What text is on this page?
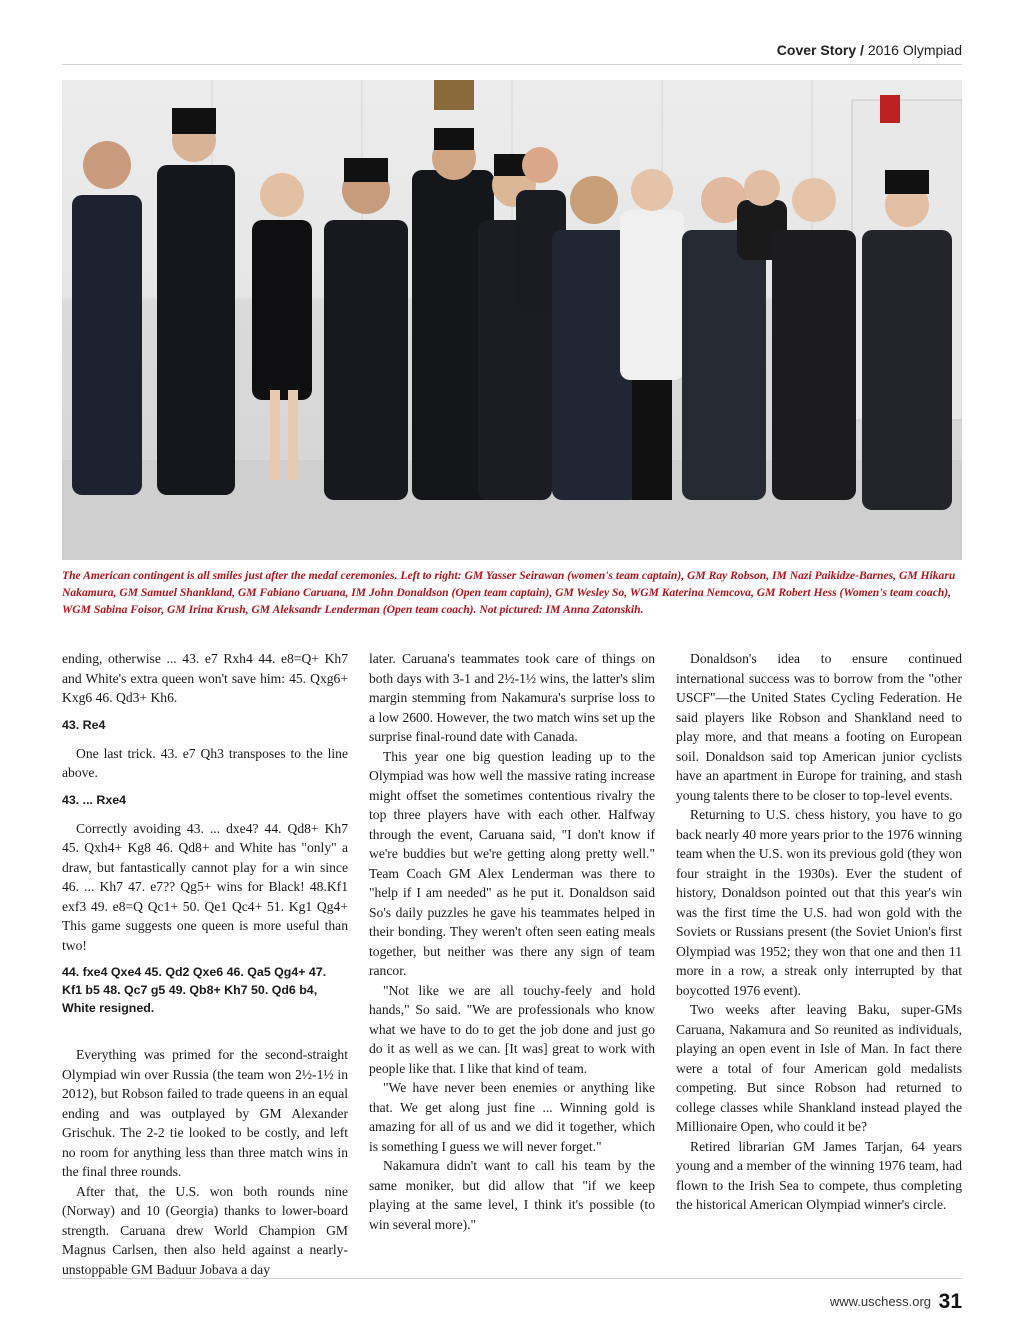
Cover Story / 2016 Olympiad
The American contingent is all smiles just after the medal ceremonies. Left to right: GM Yasser Seirawan (women's team captain), GM Ray Robson, IM Nazi Paikidze-Barnes, GM Hikaru Nakamura, GM Samuel Shankland, GM Fabiano Caruana, IM John Donaldson (Open team captain), GM Wesley So, WGM Katerina Nemcova, GM Robert Hess (Women's team coach), WGM Sabina Foisor, GM Irina Krush, GM Aleksandr Lenderman (Open team coach). Not pictured: IM Anna Zatonskih.

ending, otherwise ... 43. e7 Rxh4 44. e8=Q+ Kh7 and White's extra queen won't save him: 45. Qxg6+ Kxg6 46. Qd3+ Kh6.

43. Re4

One last trick. 43. e7 Qh3 transposes to the line above.

43. ... Rxe4

Correctly avoiding 43. ... dxe4? 44. Qd8+ Kh7 45. Qxh4+ Kg8 46. Qd8+ and White has "only" a draw, but fantastically cannot play for a win since 46. ... Kh7 47. e7?? Qg5+ wins for Black! 48.Kf1 exf3 49. e8=Q Qc1+ 50. Qe1 Qc4+ 51. Kg1 Qg4+ This game suggests one queen is more useful than two!

44. fxe4 Qxe4 45. Qd2 Qxe6 46. Qa5 Qg4+ 47. Kf1 b5 48. Qc7 g5 49. Qb8+ Kh7 50. Qd6 b4, White resigned.

Everything was primed for the second-straight Olympiad win over Russia (the team won 2½-1½ in 2012), but Robson failed to trade queens in an equal ending and was outplayed by GM Alexander Grischuk. The 2-2 tie looked to be costly, and left no room for anything less than three match wins in the final three rounds.

After that, the U.S. won both rounds nine (Norway) and 10 (Georgia) thanks to lower-board strength. Caruana drew World Champion GM Magnus Carlsen, then also held against a nearly-unstoppable GM Baduur Jobava a day

later. Caruana's teammates took care of things on both days with 3-1 and 2½-1½ wins, the latter's slim margin stemming from Nakamura's surprise loss to a low 2600. However, the two match wins set up the surprise final-round date with Canada.

This year one big question leading up to the Olympiad was how well the massive rating increase might offset the sometimes contentious rivalry the top three players have with each other. Halfway through the event, Caruana said, "I don't know if we're buddies but we're getting along pretty well." Team Coach GM Alex Lenderman was there to "help if I am needed" as he put it. Donaldson said So's daily puzzles he gave his teammates helped in their bonding. They weren't often seen eating meals together, but neither was there any sign of team rancor.

"Not like we are all touchy-feely and hold hands," So said. "We are professionals who know what we have to do to get the job done and just go do it as well as we can. [It was] great to work with people like that. I like that kind of team.

"We have never been enemies or anything like that. We get along just fine ... Winning gold is amazing for all of us and we did it together, which is something I guess we will never forget."

Nakamura didn't want to call his team by the same moniker, but did allow that "if we keep playing at the same level, I think it's possible (to win several more)."

Donaldson's idea to ensure continued international success was to borrow from the "other USCF"—the United States Cycling Federation. He said players like Robson and Shankland need to play more, and that means a footing on European soil. Donaldson said top American junior cyclists have an apartment in Europe for training, and stash young talents there to be closer to top-level events.

Returning to U.S. chess history, you have to go back nearly 40 more years prior to the 1976 winning team when the U.S. won its previous gold (they won four straight in the 1930s). Ever the student of history, Donaldson pointed out that this year's win was the first time the U.S. had won gold with the Soviets or Russians present (the Soviet Union's first Olympiad was 1952; they won that one and then 11 more in a row, a streak only interrupted by that boycotted 1976 event).

Two weeks after leaving Baku, super-GMs Caruana, Nakamura and So reunited as individuals, playing an open event in Isle of Man. In fact there were a total of four American gold medalists competing. But since Robson had returned to college classes while Shankland instead played the Millionaire Open, who could it be?

Retired librarian GM James Tarjan, 64 years young and a member of the winning 1976 team, had flown to the Irish Sea to compete, thus completing the historical American Olympiad winner's circle.

www.uschess.org 31
